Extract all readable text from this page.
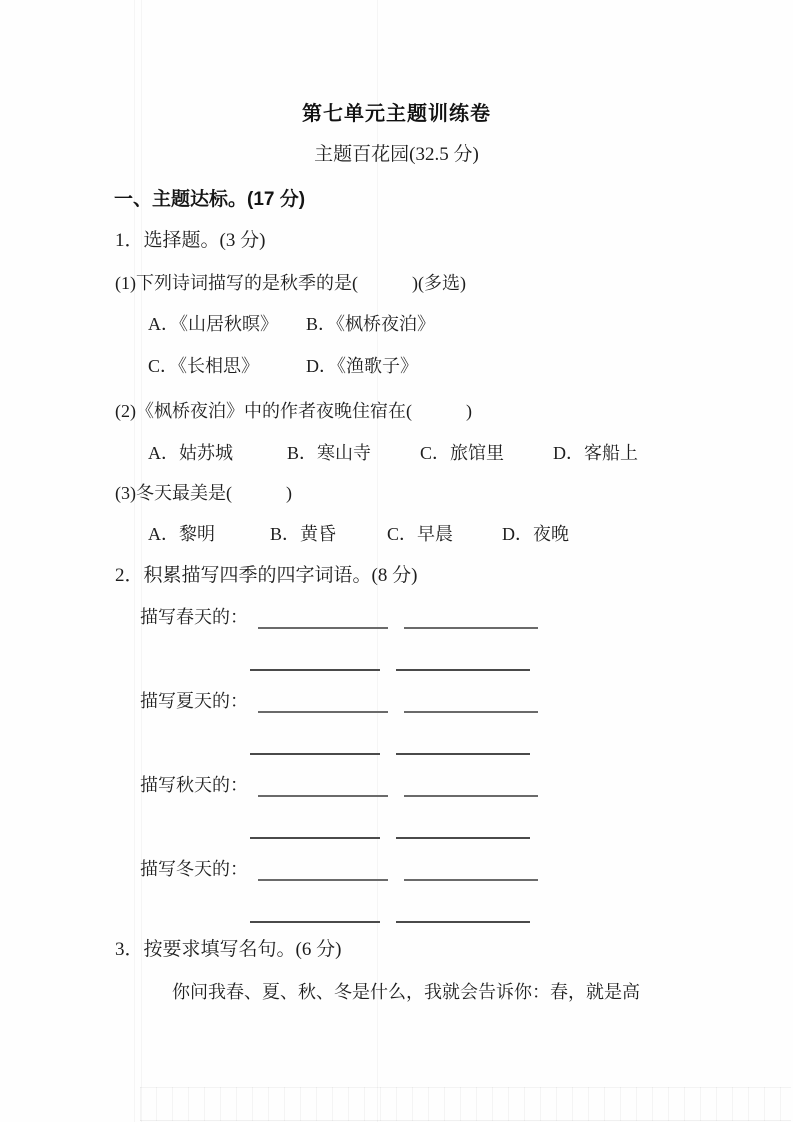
第七单元主题训练卷
主题百花园(32.5 分)
一、主题达标。(17 分)
1．选择题。(3 分)
(1)下列诗词描写的是秋季的是(　　　)(多选)
A．《山居秋暝》 B．《枫桥夜泊》
C．《长相思》	D．《渔歌子》
(2)《枫桥夜泊》中的作者夜晚住宿在(　　　)
A．姑苏城	B．寒山寺	C．旅馆里	D．客船上
(3)冬天最美是(　　　)
A．黎明	B．黄昏	C．早晨	D．夜晚
2．积累描写四季的四字词语。(8 分)
描写春天的：
描写夏天的：
描写秋天的：
描写冬天的：
3．按要求填写名句。(6 分)
你问我春、夏、秋、冬是什么，我就会告诉你：春，就是高
